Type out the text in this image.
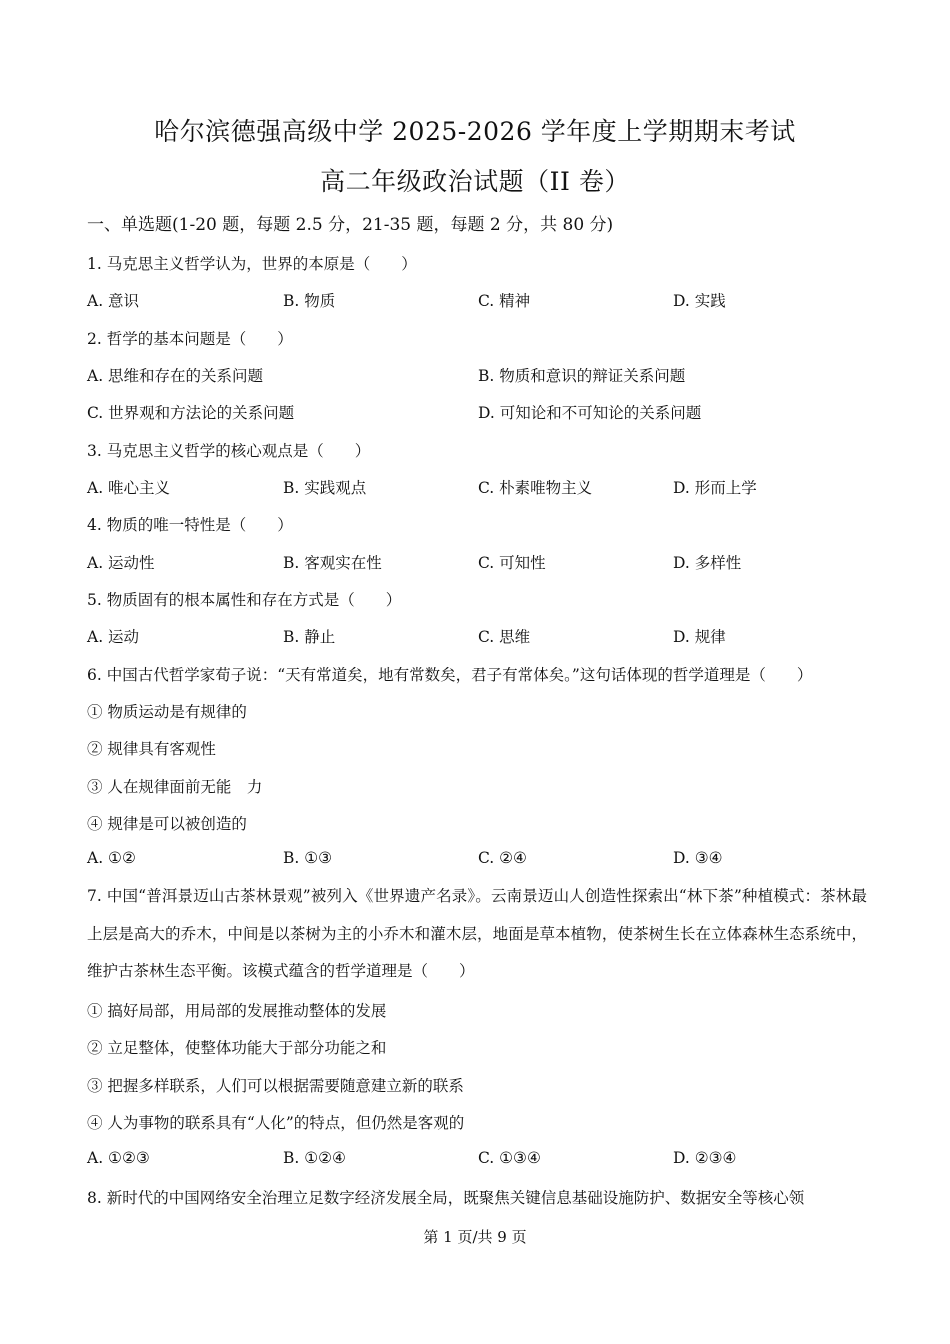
哈尔滨德强高级中学 2025-2026 学年度上学期期末考试
高二年级政治试题（II 卷）
一、单选题(1-20 题，每题 2.5 分，21-35 题，每题 2 分，共 80 分)
1. 马克思主义哲学认为，世界的本原是（　　）
A. 意识	B. 物质	C. 精神	D. 实践
2. 哲学的基本问题是（　　）
A. 思维和存在的关系问题	B. 物质和意识的辩证关系问题
C. 世界观和方法论的关系问题	D. 可知论和不可知论的关系问题
3. 马克思主义哲学的核心观点是（　　）
A. 唯心主义	B. 实践观点	C. 朴素唯物主义	D. 形而上学
4. 物质的唯一特性是（　　）
A. 运动性	B. 客观实在性	C. 可知性	D. 多样性
5. 物质固有的根本属性和存在方式是（　　）
A. 运动	B. 静止	C. 思维	D. 规律
6. 中国古代哲学家荀子说：“天有常道矣，地有常数矣，君子有常体矣。”这句话体现的哲学道理是（　　）
① 物质运动是有规律的
② 规律具有客观性
③ 人在规律面前无能　力
④ 规律是可以被创造的
A. ①②	B. ①③	C. ②④	D. ③④
7. 中国“普洱景迈山古茶林景观”被列入《世界遗产名录》。云南景迈山人创造性探索出“林下茶”种植模式：茶林最上层是高大的乔木，中间是以茶树为主的小乔木和灌木层，地面是草本植物，使茶树生长在立体森林生态系统中，维护古茶林生态平衡。该模式蕴含的哲学道理是（　　）
① 搞好局部，用局部的发展推动整体的发展
② 立足整体，使整体功能大于部分功能之和
③ 把握多样联系，人们可以根据需要随意建立新的联系
④ 人为事物的联系具有“人化”的特点，但仍然是客观的
A. ①②③	B. ①②④	C. ①③④	D. ②③④
8. 新时代的中国网络安全治理立足数字经济发展全局，既聚焦关键信息基础设施防护、数据安全等核心领
第 1 页/共 9 页
